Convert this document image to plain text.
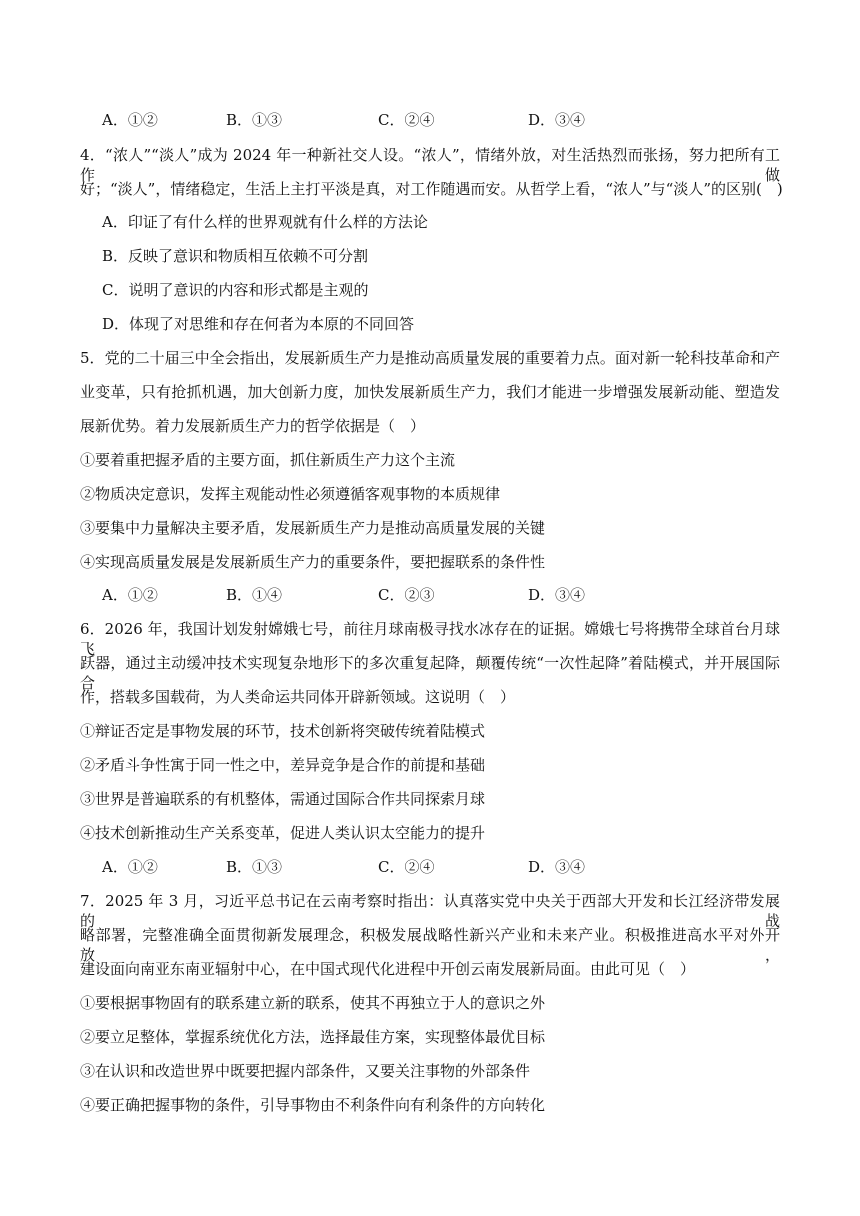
A．①②	B．①③	C．②④	D．③④
4．“浓人”“淡人”成为 2024 年一种新社交人设。“浓人”，情绪外放，对生活热烈而张扬，努力把所有工作做
好；“淡人”，情绪稳定，生活上主打平淡是真，对工作随遇而安。从哲学上看，“浓人”与“淡人”的区别(　)
A．印证了有什么样的世界观就有什么样的方法论
B．反映了意识和物质相互依赖不可分割
C．说明了意识的内容和形式都是主观的
D．体现了对思维和存在何者为本原的不同回答
5．党的二十届三中全会指出，发展新质生产力是推动高质量发展的重要着力点。面对新一轮科技革命和产
业变革，只有抢抓机遇，加大创新力度，加快发展新质生产力，我们才能进一步增强发展新动能、塑造发
展新优势。着力发展新质生产力的哲学依据是（　）
①要着重把握矛盾的主要方面，抓住新质生产力这个主流
②物质决定意识，发挥主观能动性必须遵循客观事物的本质规律
③要集中力量解决主要矛盾，发展新质生产力是推动高质量发展的关键
④实现高质量发展是发展新质生产力的重要条件，要把握联系的条件性
A．①②	B．①④	C．②③	D．③④
6．2026 年，我国计划发射嫦娥七号，前往月球南极寻找水冰存在的证据。嫦娥七号将携带全球首台月球飞
跃器，通过主动缓冲技术实现复杂地形下的多次重复起降，颠覆传统“一次性起降”着陆模式，并开展国际合
作，搭载多国载荷，为人类命运共同体开辟新领域。这说明（　）
①辩证否定是事物发展的环节，技术创新将突破传统着陆模式
②矛盾斗争性寓于同一性之中，差异竞争是合作的前提和基础
③世界是普遍联系的有机整体，需通过国际合作共同探索月球
④技术创新推动生产关系变革，促进人类认识太空能力的提升
A．①②	B．①③	C．②④	D．③④
7．2025 年 3 月，习近平总书记在云南考察时指出：认真落实党中央关于西部大开发和长江经济带发展的战
略部署，完整准确全面贯彻新发展理念，积极发展战略性新兴产业和未来产业。积极推进高水平对外开放，
建设面向南亚东南亚辐射中心，在中国式现代化进程中开创云南发展新局面。由此可见（　）
①要根据事物固有的联系建立新的联系，使其不再独立于人的意识之外
②要立足整体，掌握系统优化方法，选择最佳方案，实现整体最优目标
③在认识和改造世界中既要把握内部条件，又要关注事物的外部条件
④要正确把握事物的条件，引导事物由不利条件向有利条件的方向转化
